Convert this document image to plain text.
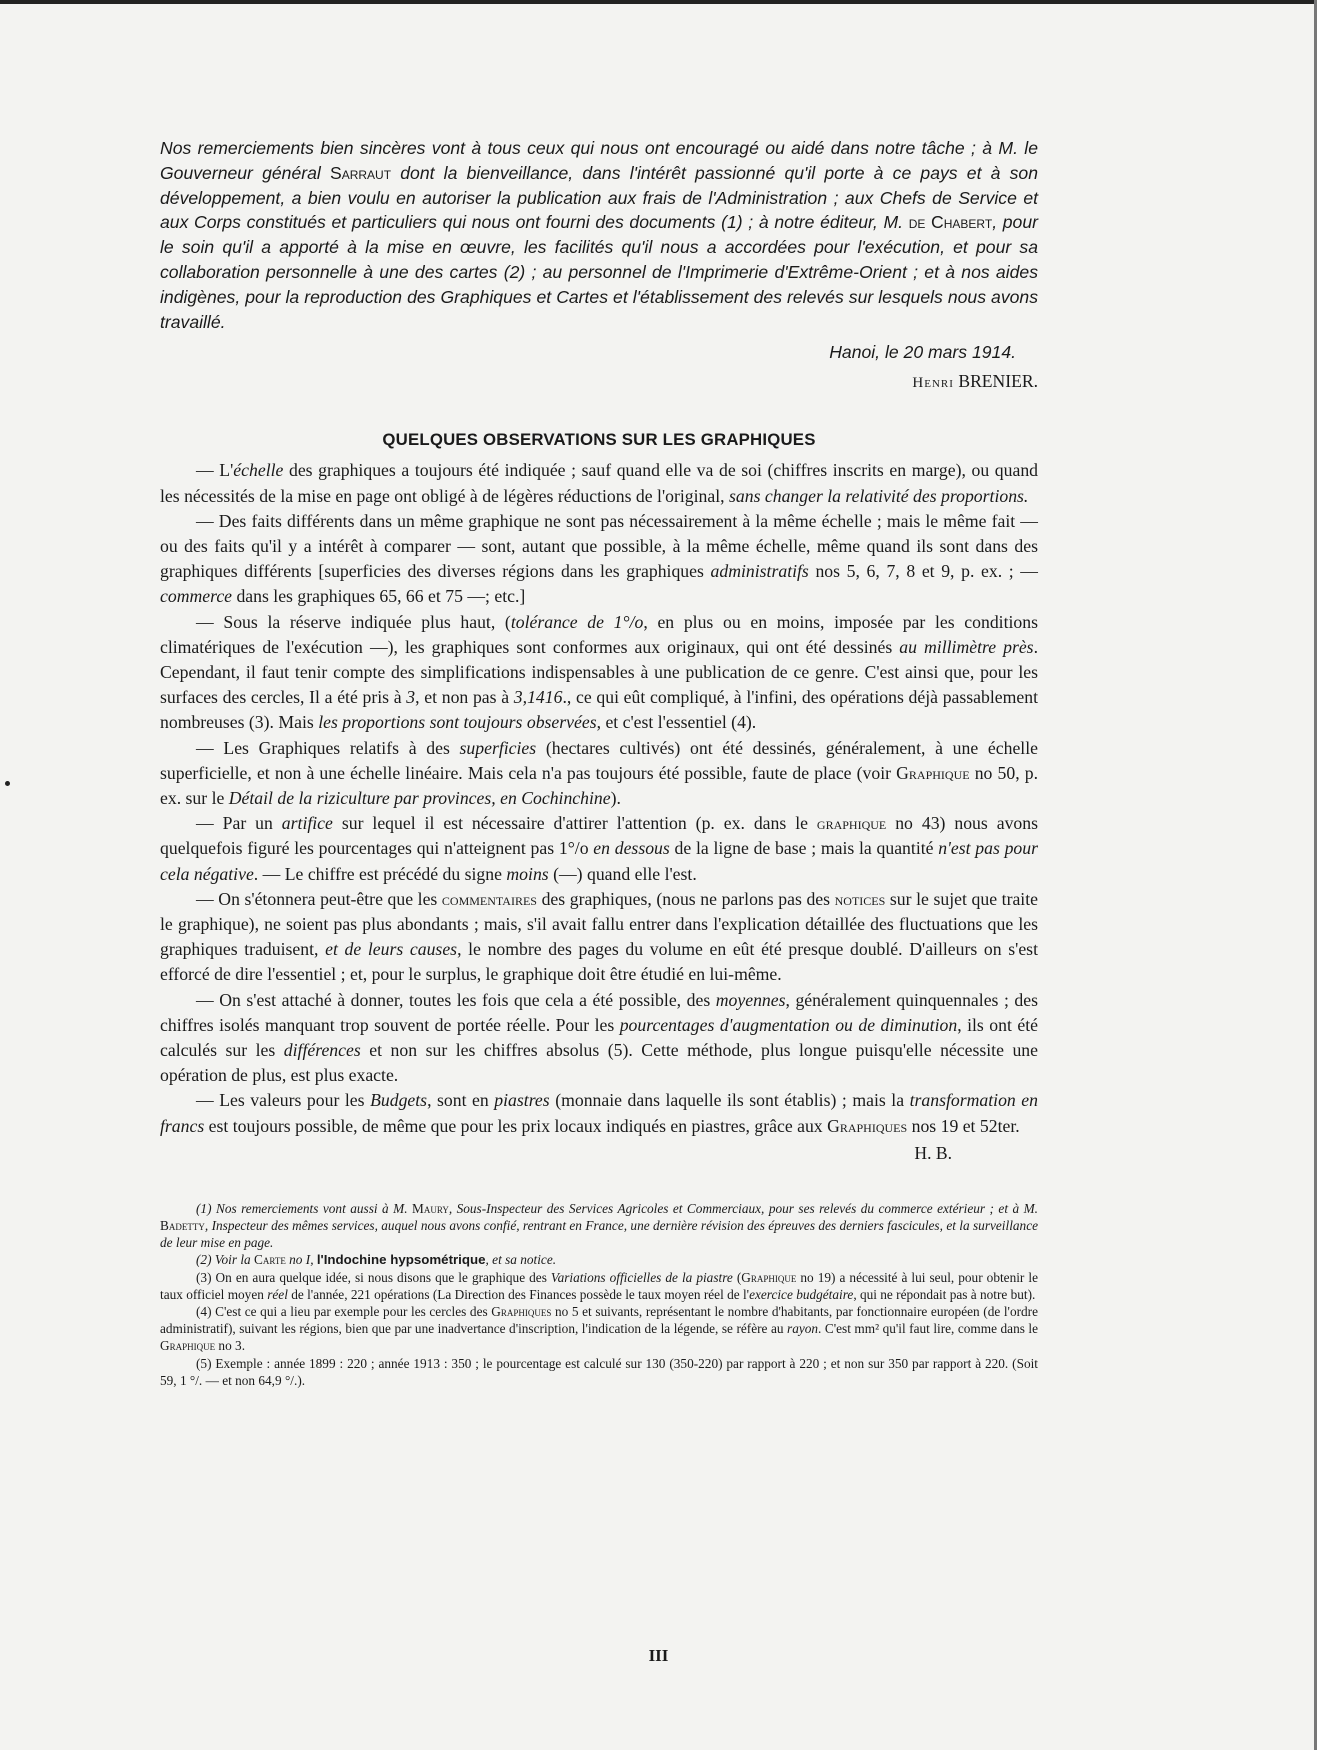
Nos remerciements bien sincères vont à tous ceux qui nous ont encouragé ou aidé dans notre tâche ; à M. le Gouverneur général Sarraut dont la bienveillance, dans l'intérêt passionné qu'il porte à ce pays et à son développement, a bien voulu en autoriser la publication aux frais de l'Administration ; aux Chefs de Service et aux Corps constitués et particuliers qui nous ont fourni des documents (1) ; à notre éditeur, M. de Chabert, pour le soin qu'il a apporté à la mise en œuvre, les facilités qu'il nous a accordées pour l'exécution, et pour sa collaboration personnelle à une des cartes (2) ; au personnel de l'Imprimerie d'Extrême-Orient ; et à nos aides indigènes, pour la reproduction des Graphiques et Cartes et l'établissement des relevés sur lesquels nous avons travaillé.

Hanoi, le 20 mars 1914.

Henri BRENIER.

QUELQUES OBSERVATIONS SUR LES GRAPHIQUES

— L'échelle des graphiques a toujours été indiquée ; sauf quand elle va de soi (chiffres inscrits en marge), ou quand les nécessités de la mise en page ont obligé à de légères réductions de l'original, sans changer la relativité des proportions.

— Des faits différents dans un même graphique ne sont pas nécessairement à la même échelle ; mais le même fait — ou des faits qu'il y a intérêt à comparer — sont, autant que possible, à la même échelle, même quand ils sont dans des graphiques différents [superficies des diverses régions dans les graphiques administratifs nos 5, 6, 7, 8 et 9, p. ex. ; — commerce dans les graphiques 65, 66 et 75 —; etc.]

— Sous la réserve indiquée plus haut, (tolérance de 1°/o, en plus ou en moins, imposée par les conditions climatériques de l'exécution —), les graphiques sont conformes aux originaux, qui ont été dessinés au millimètre près. Cependant, il faut tenir compte des simplifications indispensables à une publication de ce genre. C'est ainsi que, pour les surfaces des cercles, Il a été pris à 3, et non pas à 3,1416., ce qui eût compliqué, à l'infini, des opérations déjà passablement nombreuses (3). Mais les proportions sont toujours observées, et c'est l'essentiel (4).

— Les Graphiques relatifs à des superficies (hectares cultivés) ont été dessinés, généralement, à une échelle superficielle, et non à une échelle linéaire. Mais cela n'a pas toujours été possible, faute de place (voir Graphique no 50, p. ex. sur le Détail de la riziculture par provinces, en Cochinchine).

— Par un artifice sur lequel il est nécessaire d'attirer l'attention (p. ex. dans le graphique no 43) nous avons quelquefois figuré les pourcentages qui n'atteignent pas 1°/o en dessous de la ligne de base ; mais la quantité n'est pas pour cela négative. — Le chiffre est précédé du signe moins (—) quand elle l'est.

— On s'étonnera peut-être que les commentaires des graphiques, (nous ne parlons pas des notices sur le sujet que traite le graphique), ne soient pas plus abondants ; mais, s'il avait fallu entrer dans l'explication détaillée des fluctuations que les graphiques traduisent, et de leurs causes, le nombre des pages du volume en eût été presque doublé. D'ailleurs on s'est efforcé de dire l'essentiel ; et, pour le surplus, le graphique doit être étudié en lui-même.

— On s'est attaché à donner, toutes les fois que cela a été possible, des moyennes, généralement quinquennales ; des chiffres isolés manquant trop souvent de portée réelle. Pour les pourcentages d'augmentation ou de diminution, ils ont été calculés sur les différences et non sur les chiffres absolus (5). Cette méthode, plus longue puisqu'elle nécessite une opération de plus, est plus exacte.

— Les valeurs pour les Budgets, sont en piastres (monnaie dans laquelle ils sont établis) ; mais la transformation en francs est toujours possible, de même que pour les prix locaux indiqués en piastres, grâce aux Graphiques nos 19 et 52ter.

H. B.

(1) Nos remerciements vont aussi à M. Maury, Sous-Inspecteur des Services Agricoles et Commerciaux, pour ses relevés du commerce extérieur ; et à M. Badetty, Inspecteur des mêmes services, auquel nous avons confié, rentrant en France, une dernière révision des épreuves des derniers fascicules, et la surveillance de leur mise en page.

(2) Voir la Carte no I, l'Indochine hypsométrique, et sa notice.

(3) On en aura quelque idée, si nous disons que le graphique des Variations officielles de la piastre (Graphique no 19) a nécessité à lui seul, pour obtenir le taux officiel moyen réel de l'année, 221 opérations (La Direction des Finances possède le taux moyen réel de l'exercice budgétaire, qui ne répondait pas à notre but).

(4) C'est ce qui a lieu par exemple pour les cercles des Graphiques no 5 et suivants, représentant le nombre d'habitants, par fonctionnaire européen (de l'ordre administratif), suivant les régions, bien que par une inadvertance d'inscription, l'indication de la légende, se réfère au rayon. C'est mm² qu'il faut lire, comme dans le Graphique no 3.

(5) Exemple : année 1899 : 220 ; année 1913 : 350 ; le pourcentage est calculé sur 130 (350-220) par rapport à 220 ; et non sur 350 par rapport à 220. (Soit 59, 1 °/. — et non 64,9 °/.).

III
